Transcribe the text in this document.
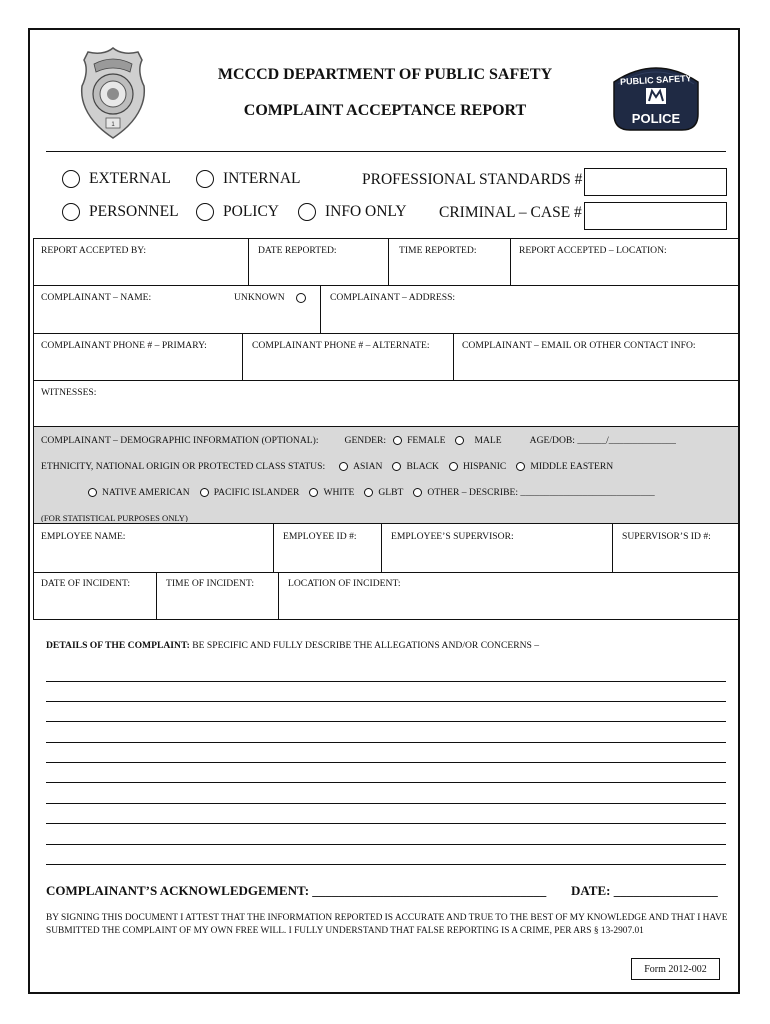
1
MCCCD DEPARTMENT OF PUBLIC SAFETY
COMPLAINT ACCEPTANCE REPORT
PUBLIC SAFETY
POLICE
EXTERNAL	INTERNAL	PROFESSIONAL STANDARDS #
PERSONNEL	POLICY	INFO ONLY CRIMINAL – CASE #
REPORT ACCEPTED BY:	DATE REPORTED:	TIME REPORTED:	REPORT ACCEPTED – LOCATION:
COMPLAINANT – NAME:	UNKNOWN	COMPLAINANT – ADDRESS:
COMPLAINANT PHONE # – PRIMARY:	COMPLAINANT PHONE # – ALTERNATE:	COMPLAINANT – EMAIL OR OTHER CONTACT INFO:
WITNESSES:
COMPLAINANT – DEMOGRAPHIC INFORMATION (OPTIONAL):	GENDER: FEMALE	MALE	AGE/DOB: ______/______________
ETHNICITY, NATIONAL ORIGIN OR PROTECTED CLASS STATUS:	ASIAN	BLACK	HISPANIC	MIDDLE EASTERN
NATIVE AMERICAN	PACIFIC ISLANDER	WHITE	GLBT	OTHER – DESCRIBE: ____________________________
(FOR STATISTICAL PURPOSES ONLY)
EMPLOYEE NAME:	EMPLOYEE ID #:	EMPLOYEE’S SUPERVISOR:	SUPERVISOR’S ID #:
DATE OF INCIDENT:	TIME OF INCIDENT:	LOCATION OF INCIDENT:
DETAILS OF THE COMPLAINT: BE SPECIFIC AND FULLY DESCRIBE THE ALLEGATIONS AND/OR CONCERNS –
COMPLAINANT’S ACKNOWLEDGEMENT: ____________________________________ DATE: ________________
BY SIGNING THIS DOCUMENT I ATTEST THAT THE INFORMATION REPORTED IS ACCURATE AND TRUE TO THE BEST OF MY KNOWLEDGE AND THAT I HAVE SUBMITTED THE COMPLAINT OF MY OWN FREE WILL. I FULLY UNDERSTAND THAT FALSE REPORTING IS A CRIME, PER ARS § 13-2907.01
Form 2012-002
